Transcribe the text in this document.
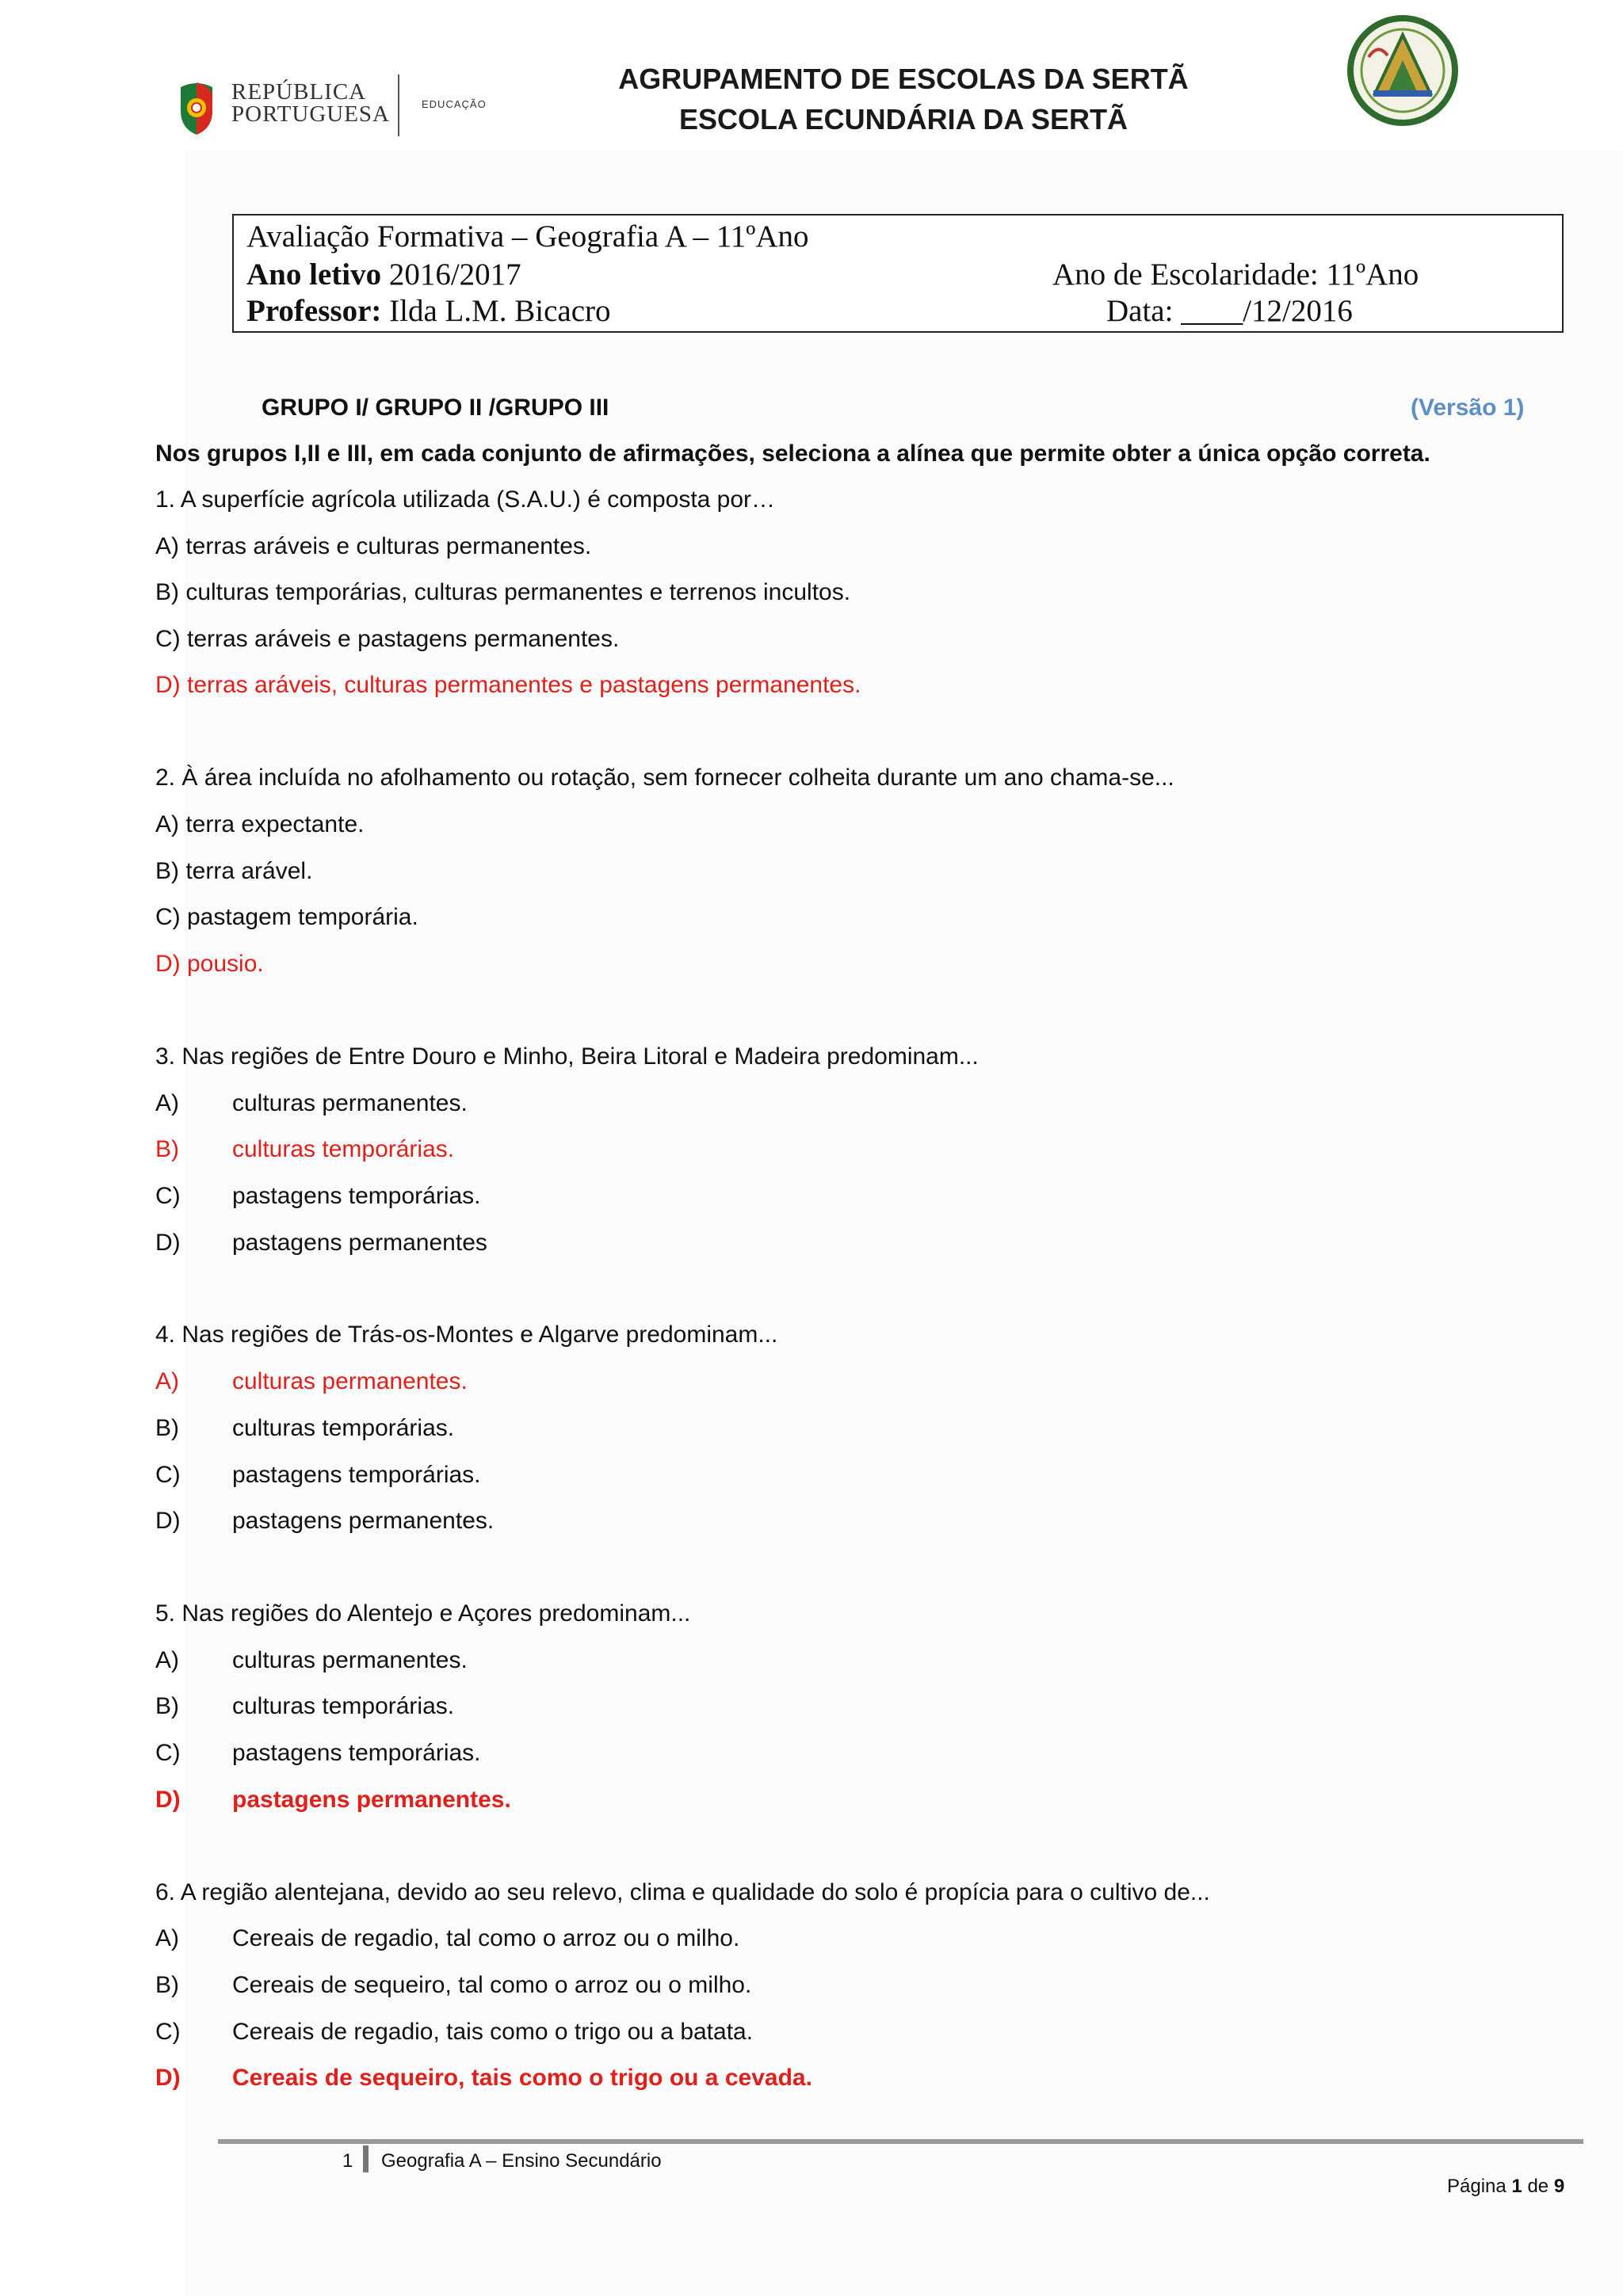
REPÚBLICA
PORTUGUESA	EDUCAÇÃO
AGRUPAMENTO DE ESCOLAS DA SERTÃ
ESCOLA ECUNDÁRIA DA SERTÃ
Avaliação Formativa – Geografia A – 11ºAno
Ano letivo 2016/2017	Ano de Escolaridade: 11ºAno
Professor: Ilda L.M. Bicacro	Data: ____/12/2016
GRUPO I/ GRUPO II /GRUPO III	(Versão 1)
Nos grupos I,II e III, em cada conjunto de afirmações, seleciona a alínea que permite obter a única opção correta.
1. A superfície agrícola utilizada (S.A.U.) é composta por…
A) terras aráveis e culturas permanentes.
B) culturas temporárias, culturas permanentes e terrenos incultos.
C) terras aráveis e pastagens permanentes.
D) terras aráveis, culturas permanentes e pastagens permanentes.
2. À área incluída no afolhamento ou rotação, sem fornecer colheita durante um ano chama-se...
A) terra expectante.
B) terra arável.
C) pastagem temporária.
D) pousio.
3. Nas regiões de Entre Douro e Minho, Beira Litoral e Madeira predominam...
A) culturas permanentes.
B) culturas temporárias.
C) pastagens temporárias.
D) pastagens permanentes
4. Nas regiões de Trás-os-Montes e Algarve predominam...
A) culturas permanentes.
B) culturas temporárias.
C) pastagens temporárias.
D) pastagens permanentes.
5. Nas regiões do Alentejo e Açores predominam...
A) culturas permanentes.
B) culturas temporárias.
C) pastagens temporárias.
D) pastagens permanentes.
6. A região alentejana, devido ao seu relevo, clima e qualidade do solo é propícia para o cultivo de...
A) Cereais de regadio, tal como o arroz ou o milho.
B) Cereais de sequeiro, tal como o arroz ou o milho.
C) Cereais de regadio, tais como o trigo ou a batata.
D) Cereais de sequeiro, tais como o trigo ou a cevada.
1 Geografia A – Ensino Secundário
Página 1 de 9
